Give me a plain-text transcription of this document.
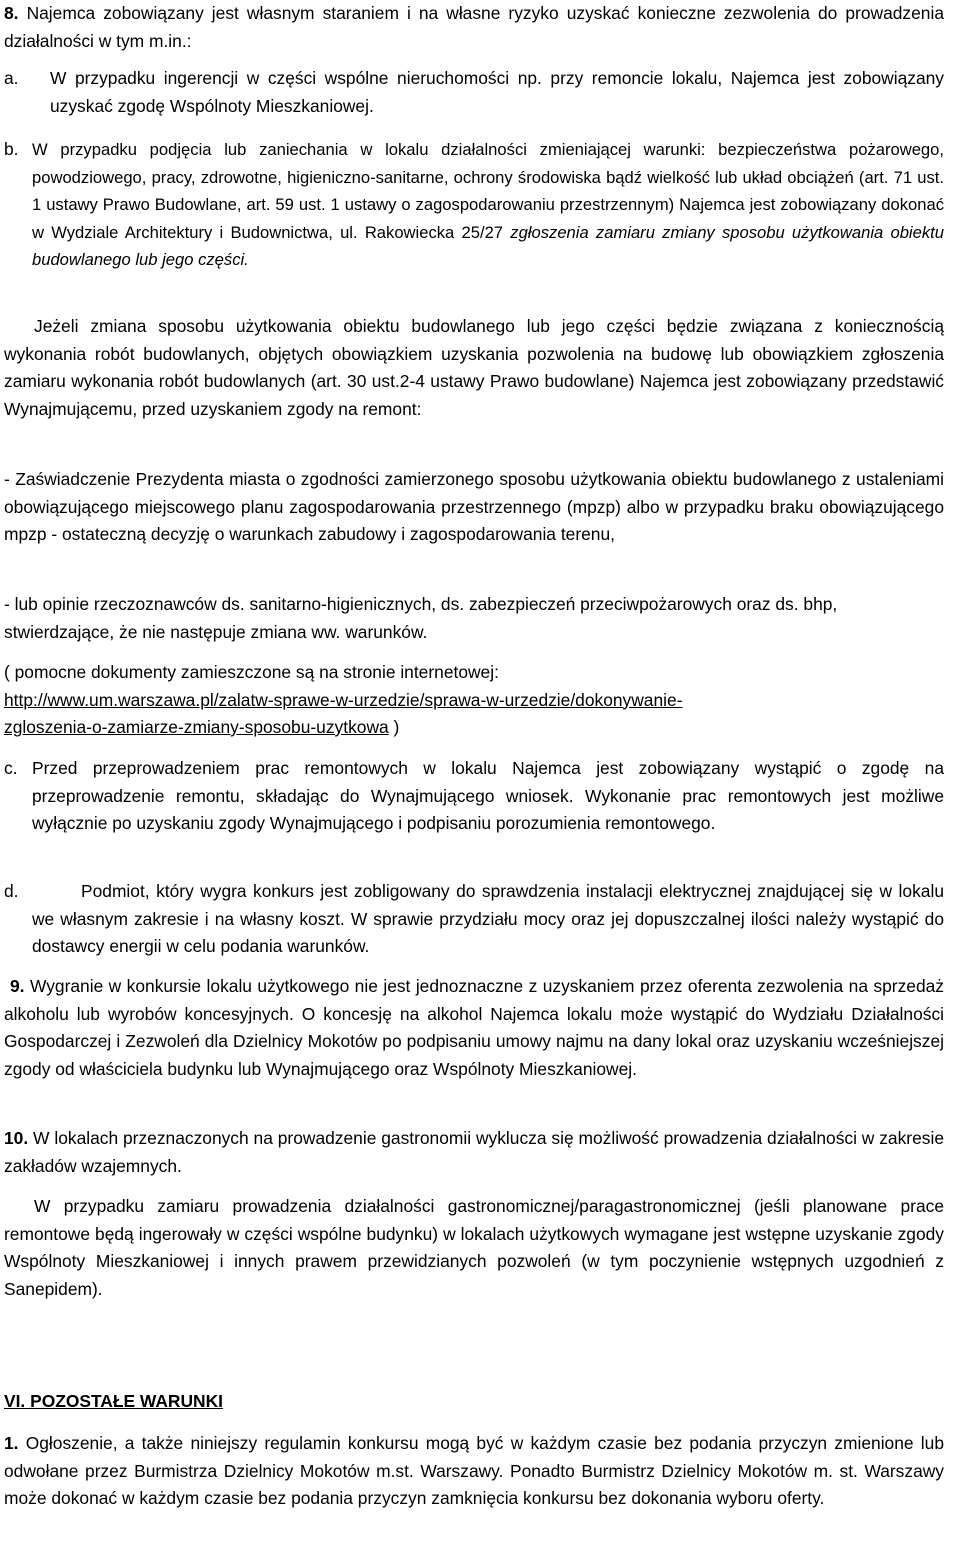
8. Najemca zobowiązany jest własnym staraniem i na własne ryzyko uzyskać konieczne zezwolenia do prowadzenia działalności w tym m.in.:

a.	W przypadku ingerencji w części wspólne nieruchomości np. przy remoncie lokalu, Najemca jest zobowiązany uzyskać zgodę Wspólnoty Mieszkaniowej.

b. W przypadku podjęcia lub zaniechania w lokalu działalności zmieniającej warunki: bezpieczeństwa pożarowego, powodziowego, pracy, zdrowotne, higieniczno-sanitarne, ochrony środowiska bądź wielkość lub układ obciążeń (art. 71 ust. 1 ustawy Prawo Budowlane, art. 59 ust. 1 ustawy o zagospodarowaniu przestrzennym) Najemca jest zobowiązany dokonać w Wydziale Architektury i Budownictwa, ul. Rakowiecka 25/27 zgłoszenia zamiaru zmiany sposobu użytkowania obiektu budowlanego lub jego części.

Jeżeli zmiana sposobu użytkowania obiektu budowlanego lub jego części będzie związana z koniecznością wykonania robót budowlanych, objętych obowiązkiem uzyskania pozwolenia na budowę lub obowiązkiem zgłoszenia zamiaru wykonania robót budowlanych (art. 30 ust.2-4 ustawy Prawo budowlane) Najemca jest zobowiązany przedstawić Wynajmującemu, przed uzyskaniem zgody na remont:

- Zaświadczenie Prezydenta miasta o zgodności zamierzonego sposobu użytkowania obiektu budowlanego z ustaleniami obowiązującego miejscowego planu zagospodarowania przestrzennego (mpzp) albo w przypadku braku obowiązującego mpzp - ostateczną decyzję o warunkach zabudowy i zagospodarowania terenu,

- lub opinie rzeczoznawców ds. sanitarno-higienicznych, ds. zabezpieczeń przeciwpożarowych oraz ds. bhp, stwierdzające, że nie następuje zmiana ww. warunków.

( pomocne dokumenty zamieszczone są na stronie internetowej:
http://www.um.warszawa.pl/zalatw-sprawe-w-urzedzie/sprawa-w-urzedzie/dokonywanie-
zgloszenia-o-zamiarze-zmiany-sposobu-uzytkowa )
c. Przed przeprowadzeniem prac remontowych w lokalu Najemca jest zobowiązany wystąpić o zgodę na przeprowadzenie remontu, składając do Wynajmującego wniosek. Wykonanie prac remontowych jest możliwe wyłącznie po uzyskaniu zgody Wynajmującego i podpisaniu porozumienia remontowego.

d.	Podmiot, który wygra konkurs jest zobligowany do sprawdzenia instalacji elektrycznej znajdującej się w lokalu we własnym zakresie i na własny koszt. W sprawie przydziału mocy oraz jej dopuszczalnej ilości należy wystąpić do dostawcy energii w celu podania warunków.

9. Wygranie w konkursie lokalu użytkowego nie jest jednoznaczne z uzyskaniem przez oferenta zezwolenia na sprzedaż alkoholu lub wyrobów koncesyjnych. O koncesję na alkohol Najemca lokalu może wystąpić do Wydziału Działalności Gospodarczej i Zezwoleń dla Dzielnicy Mokotów po podpisaniu umowy najmu na dany lokal oraz uzyskaniu wcześniejszej zgody od właściciela budynku lub Wynajmującego oraz Wspólnoty Mieszkaniowej.

10. W lokalach przeznaczonych na prowadzenie gastronomii wyklucza się możliwość prowadzenia działalności w zakresie zakładów wzajemnych.

W przypadku zamiaru prowadzenia działalności gastronomicznej/paragastronomicznej (jeśli planowane prace remontowe będą ingerowały w części wspólne budynku) w lokalach użytkowych wymagane jest wstępne uzyskanie zgody Wspólnoty Mieszkaniowej i innych prawem przewidzianych pozwoleń (w tym poczynienie wstępnych uzgodnień z Sanepidem).

VI. POZOSTAŁE WARUNKI

1. Ogłoszenie, a także niniejszy regulamin konkursu mogą być w każdym czasie bez podania przyczyn zmienione lub odwołane przez Burmistrza Dzielnicy Mokotów m.st. Warszawy. Ponadto Burmistrz Dzielnicy Mokotów m. st. Warszawy może dokonać w każdym czasie bez podania przyczyn zamknięcia konkursu bez dokonania wyboru oferty.
